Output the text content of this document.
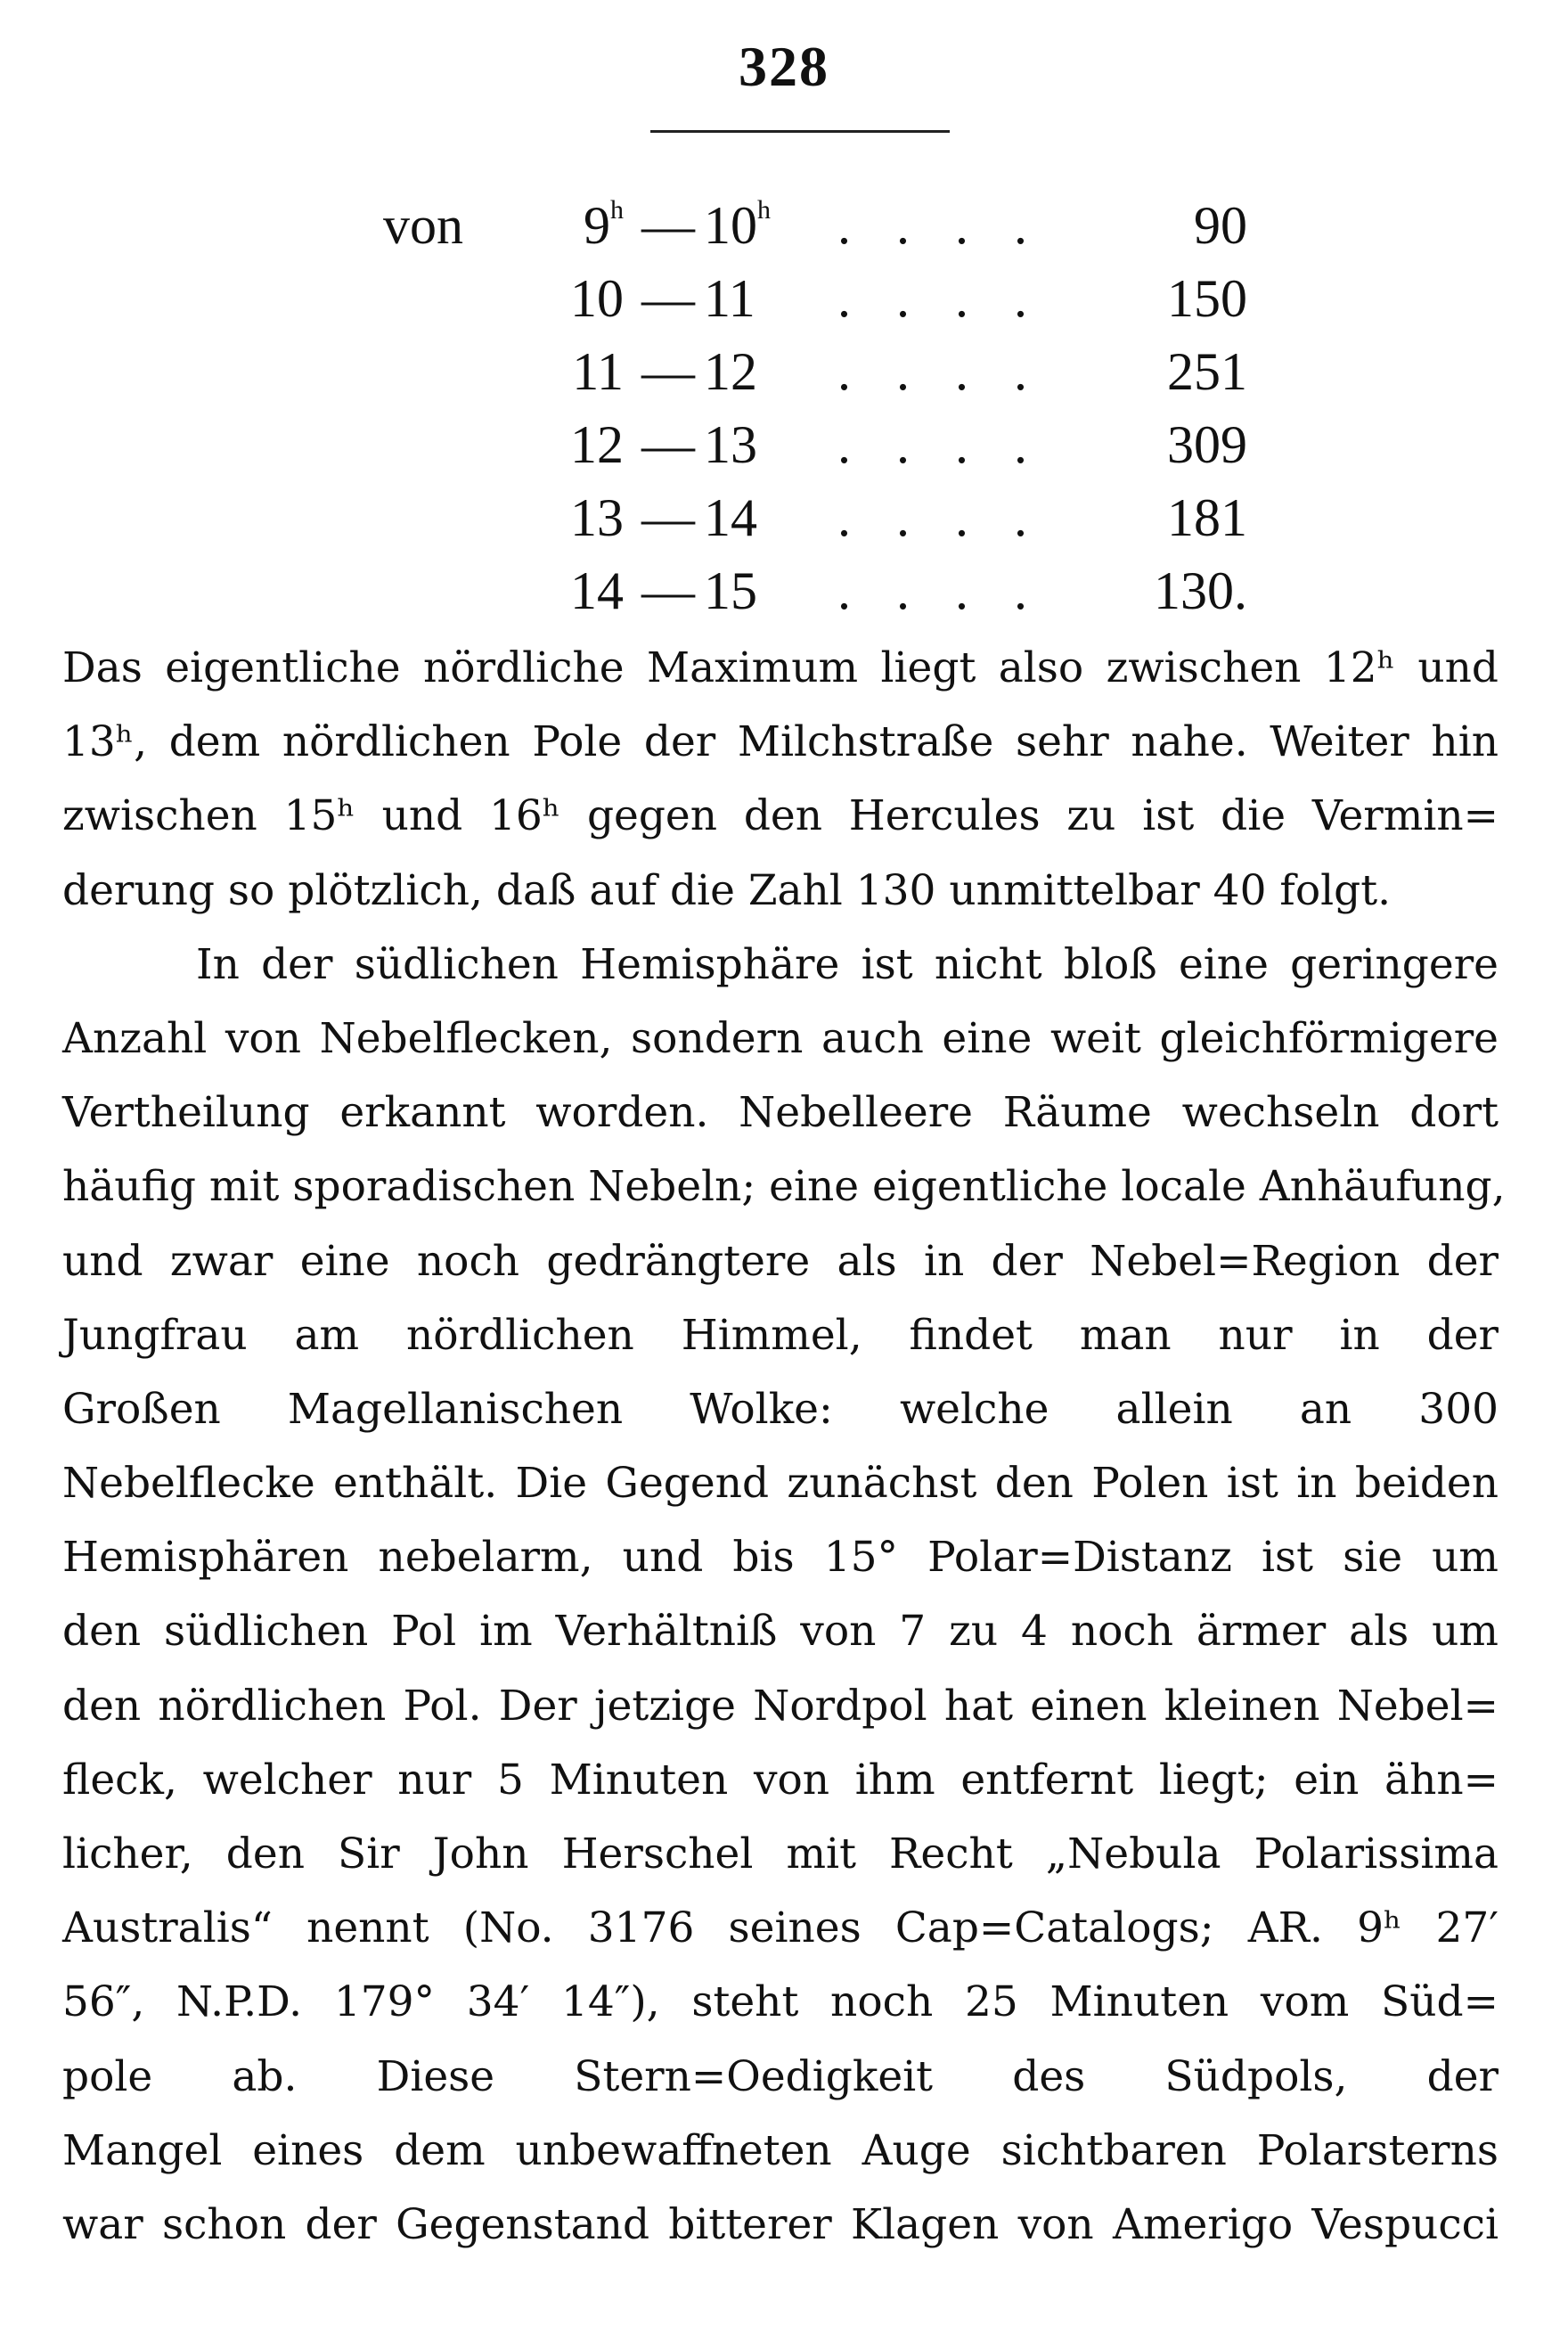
328
von	9$^h$ — 10$^h$ . . . .	90
10 — 11 . . . .	150
11 — 12 . . . .	251
12 — 13 . . . .	309
13 — 14 . . . .	181
14 — 15 . . . .	130.
Das eigentliche nördliche Maximum liegt also zwischen 12ʰ und
13ʰ, dem nördlichen Pole der Milchstraße sehr nahe. Weiter hin
zwischen 15ʰ und 16ʰ gegen den Hercules zu ist die Vermin=
derung so plötzlich, daß auf die Zahl 130 unmittelbar 40 folgt.
In der südlichen Hemisphäre ist nicht bloß eine geringere
Anzahl von Nebelflecken, sondern auch eine weit gleichförmigere
Vertheilung erkannt worden. Nebelleere Räume wechseln dort
häufig mit sporadischen Nebeln; eine eigentliche locale Anhäufung,
und zwar eine noch gedrängtere als in der Nebel=Region der
Jungfrau am nördlichen Himmel, findet man nur in der
Großen Magellanischen Wolke: welche allein an 300
Nebelflecke enthält. Die Gegend zunächst den Polen ist in beiden
Hemisphären nebelarm, und bis 15° Polar=Distanz ist sie um
den südlichen Pol im Verhältniß von 7 zu 4 noch ärmer als um
den nördlichen Pol. Der jetzige Nordpol hat einen kleinen Nebel=
fleck, welcher nur 5 Minuten von ihm entfernt liegt; ein ähn=
licher, den Sir John Herschel mit Recht „Nebula Polarissima
Australis“ nennt (No. 3176 seines Cap=Catalogs; AR. 9ʰ 27′
56″, N.P.D. 179° 34′ 14″), steht noch 25 Minuten vom Süd=
pole ab. Diese Stern=Oedigkeit des Südpols, der
Mangel eines dem unbewaffneten Auge sichtbaren Polarsterns
war schon der Gegenstand bitterer Klagen von Amerigo Vespucci
